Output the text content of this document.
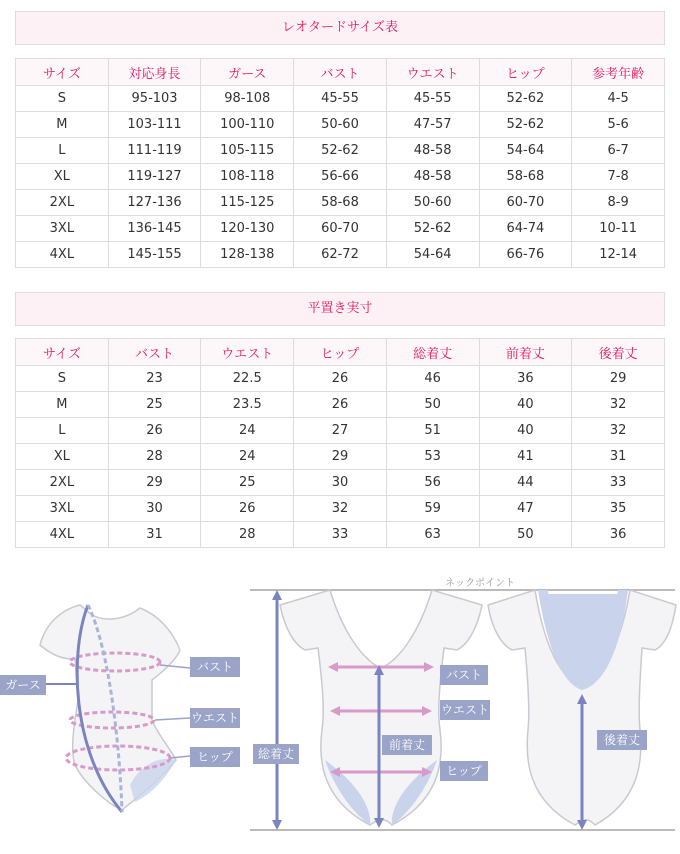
レオタードサイズ表
サイズ	対応身長	ガース	バスト	ウエスト	ヒップ	参考年齢
S	95-103	98-108	45-55	45-55	52-62	4-5
M	103-111	100-110	50-60	47-57	52-62	5-6
L	111-119	105-115	52-62	48-58	54-64	6-7
XL	119-127	108-118	56-66	48-58	58-68	7-8
2XL	127-136	115-125	58-68	50-60	60-70	8-9
3XL	136-145	120-130	60-70	52-62	64-74	10-11
4XL	145-155	128-138	62-72	54-64	66-76	12-14
平置き実寸
サイズ	バスト	ウエスト	ヒップ	総着丈	前着丈	後着丈
S	23	22.5	26	46	36	29
M	25	23.5	26	50	40	32
L	26	24	27	51	40	32
XL	28	24	29	53	41	31
2XL	29	25	30	56	44	33
3XL	30	26	32	59	47	35
4XL	31	28	33	63	50	36
ガース
バスト
ウエスト
ヒップ
ネックポイント
総着丈
前着丈	後着丈
バスト
ウエスト
ヒップ
